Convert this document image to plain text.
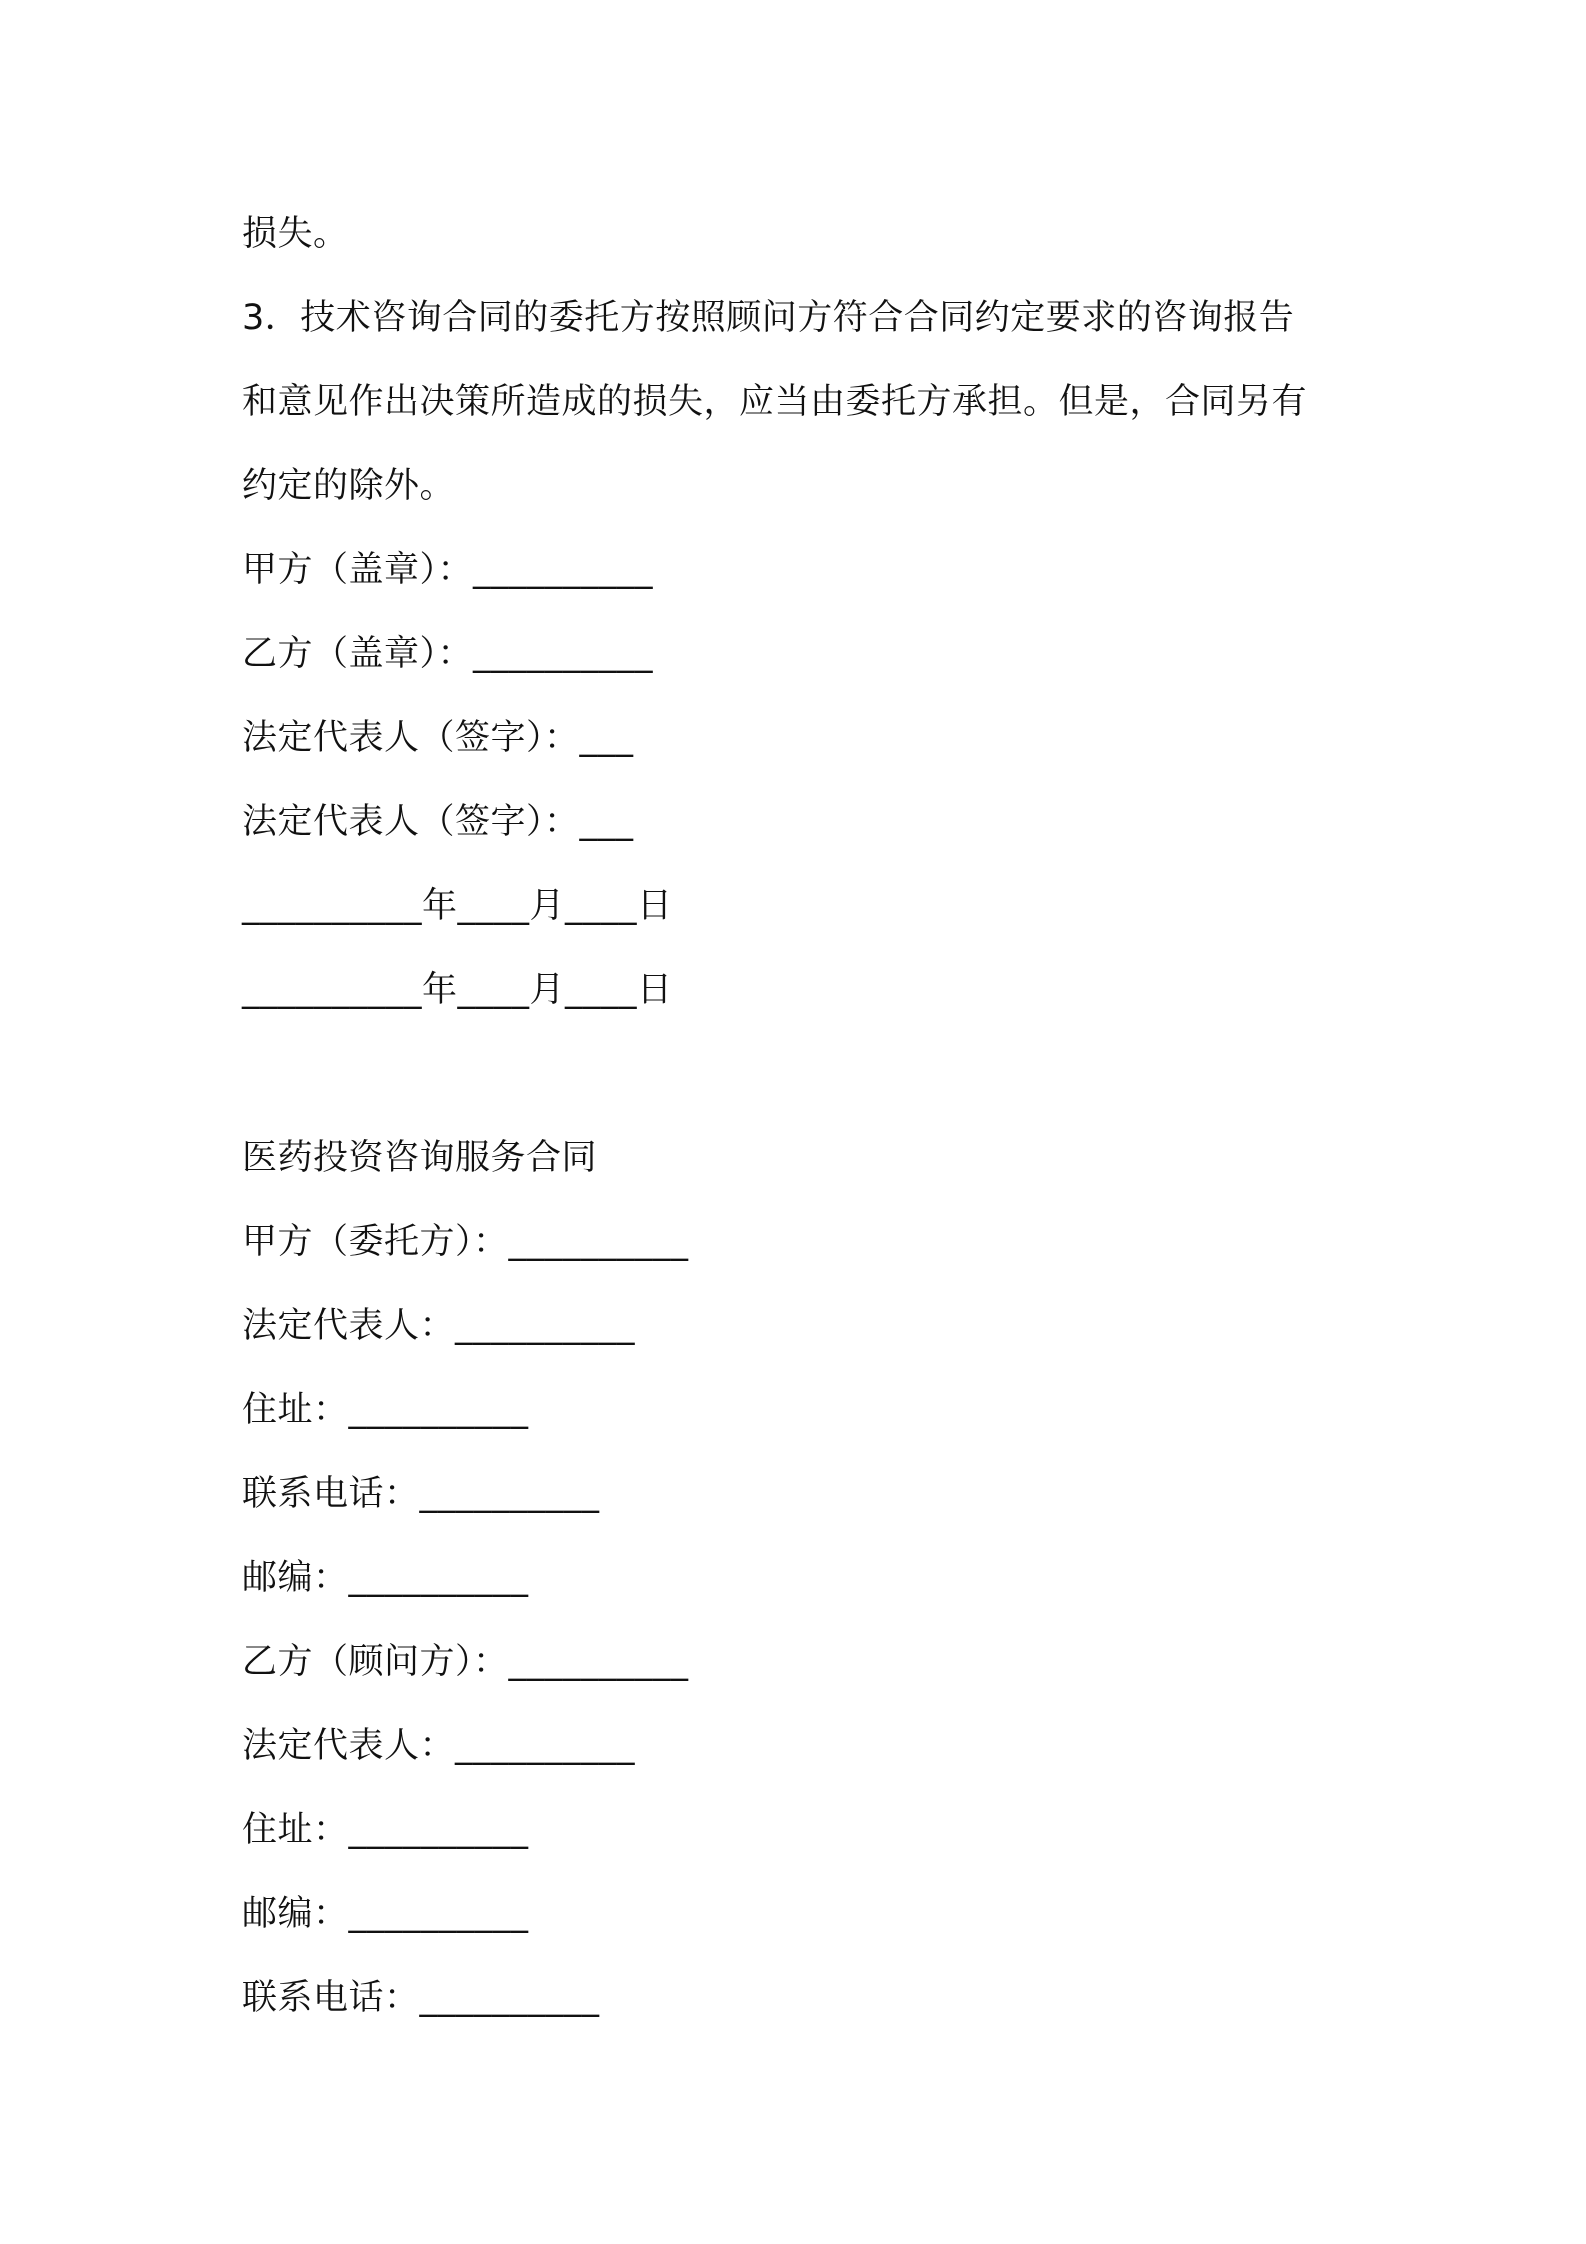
损失。
3．技术咨询合同的委托方按照顾问方符合合同约定要求的咨询报告
和意见作出决策所造成的损失，应当由委托方承担。但是，合同另有
约定的除外。
甲方（盖章）：__________
乙方（盖章）：__________
法定代表人（签字）：___
法定代表人（签字）：___
__________年____月____日
__________年____月____日
医药投资咨询服务合同
甲方（委托方）：__________
法定代表人：__________
住址：__________
联系电话：__________
邮编：__________
乙方（顾问方）：__________
法定代表人：__________
住址：__________
邮编：__________
联系电话：__________
